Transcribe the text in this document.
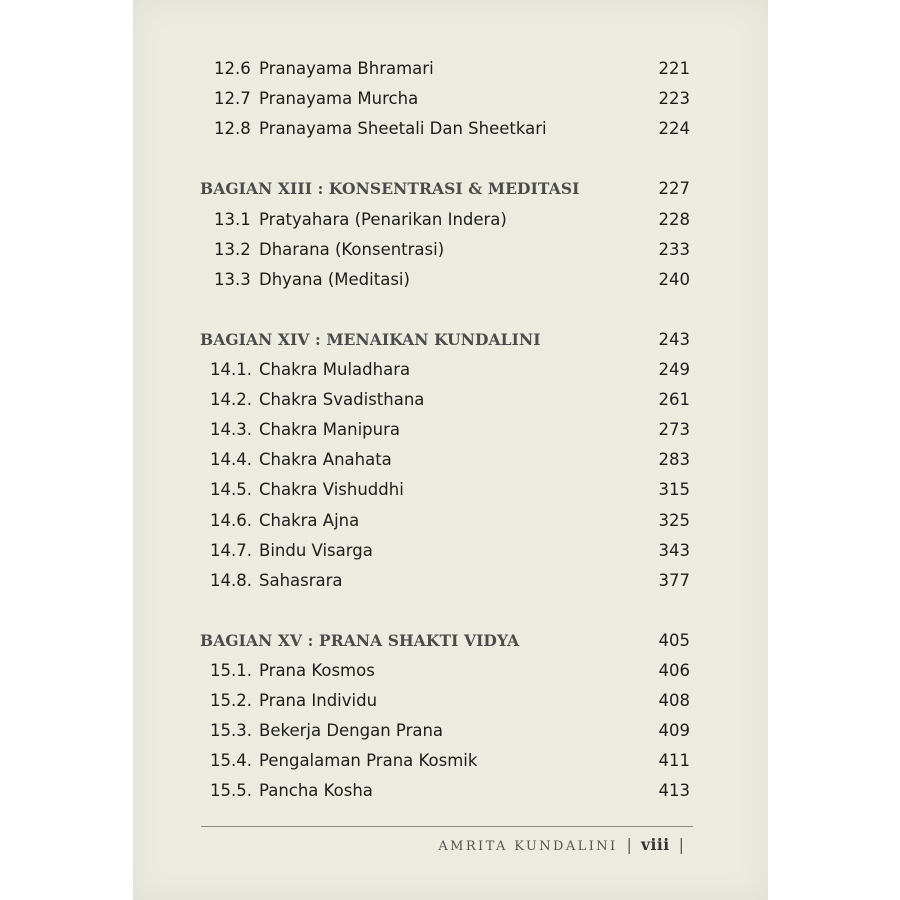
12.6 Pranayama Bhramari	221
12.7 Pranayama Murcha	223
12.8 Pranayama Sheetali Dan Sheetkari	224
BAGIAN XIII : KONSENTRASI & MEDITASI	227
13.1 Pratyahara (Penarikan Indera)	228
13.2 Dharana (Konsentrasi)	233
13.3 Dhyana (Meditasi)	240
BAGIAN XIV : MENAIKAN KUNDALINI	243
14.1. Chakra Muladhara	249
14.2. Chakra Svadisthana	261
14.3. Chakra Manipura	273
14.4. Chakra Anahata	283
14.5. Chakra Vishuddhi	315
14.6. Chakra Ajna	325
14.7. Bindu Visarga	343
14.8. Sahasrara	377
BAGIAN XV : PRANA SHAKTI VIDYA	405
15.1. Prana Kosmos	406
15.2. Prana Individu	408
15.3. Bekerja Dengan Prana	409
15.4. Pengalaman Prana Kosmik	411
15.5. Pancha Kosha	413
AMRITA KUNDALINI | viii |
